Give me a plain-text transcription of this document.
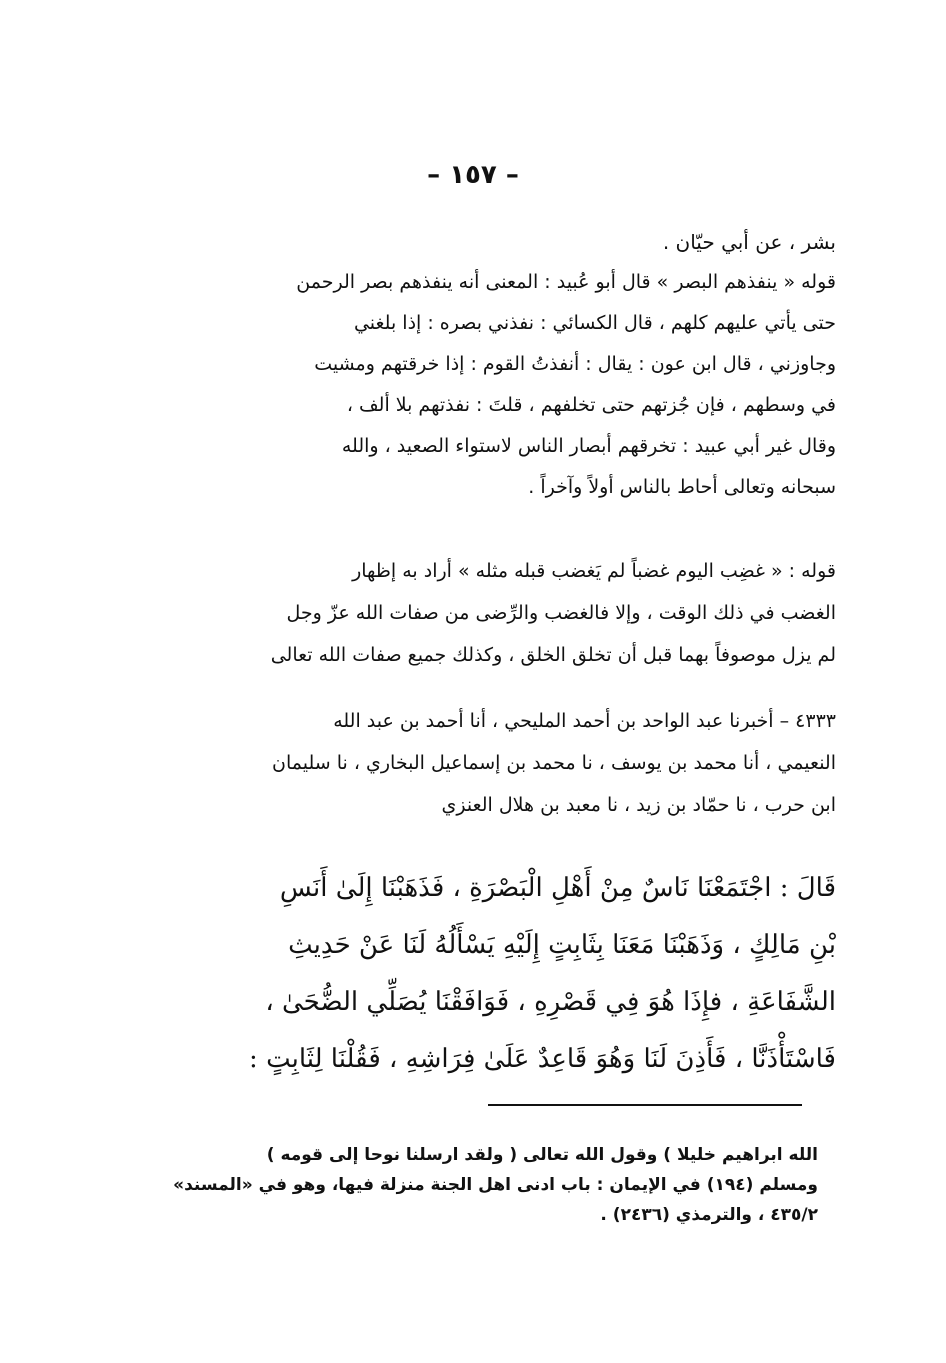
– ١٥٧ –
بشر ، عن أبي حيّان .
قوله « ينفذهم البصر » قال أبو عُبيد : المعنى أنه ينفذهم بصر الرحمن
حتى يأتي عليهم كلهم ، قال الكسائي : نفذني بصره : إذا بلغني
وجاوزني ، قال ابن عون : يقال : أنفذتُ القوم : إذا خرقتهم ومشيت
في وسطهم ، فإن جُزتهم حتى تخلفهم ، قلتَ : نفذتهم بلا ألف ،
وقال غير أبي عبيد : تخرقهم أبصار الناس لاستواء الصعيد ، والله
سبحانه وتعالى أحاط بالناس أولاً وآخراً .
قوله : « غضِب اليوم غضباً لم يَغضب قبله مثله » أراد به إظهار
الغضب في ذلك الوقت ، وإلا فالغضب والرِّضى من صفات الله عزّ وجل
لم يزل موصوفاً بهما قبل أن تخلق الخلق ، وكذلك جميع صفات الله تعالى
٤٣٣٣ – أخبرنا عبد الواحد بن أحمد المليحي ، أنا أحمد بن عبد الله
النعيمي ، أنا محمد بن يوسف ، نا محمد بن إسماعيل البخاري ، نا سليمان
ابن حرب ، نا حمّاد بن زيد ، نا معبد بن هلال العنزي
قَالَ : اجْتَمَعْنَا نَاسٌ مِنْ أَهْلِ الْبَصْرَةِ ، فَذَهَبْنَا إِلَىٰ أَنَسِ
بْنِ مَالِكٍ ، وَذَهَبْنَا مَعَنَا بِثَابِتٍ إِلَيْهِ يَسْأَلُهُ لَنَا عَنْ حَدِيثِ
الشَّفَاعَةِ ، فإِذَا هُوَ فِي قَصْرِهِ ، فَوَافَقْنَا يُصَلِّي الضُّحَىٰ ،
فَاسْتَأْذَنَّا ، فَأَذِنَ لَنَا وَهُوَ قَاعِدٌ عَلَىٰ فِرَاشِهِ ، فَقُلْنَا لِثَابِتٍ :
الله ابراهيم خليلا ) وقول الله تعالى ( ولقد ارسلنا نوحا إلى قومه )
ومسلم (١٩٤) في الإيمان : باب ادنى اهل الجنة منزلة فيها، وهو في «المسند»
٤٣٥/٢ ، والترمذي (٢٤٣٦) .
